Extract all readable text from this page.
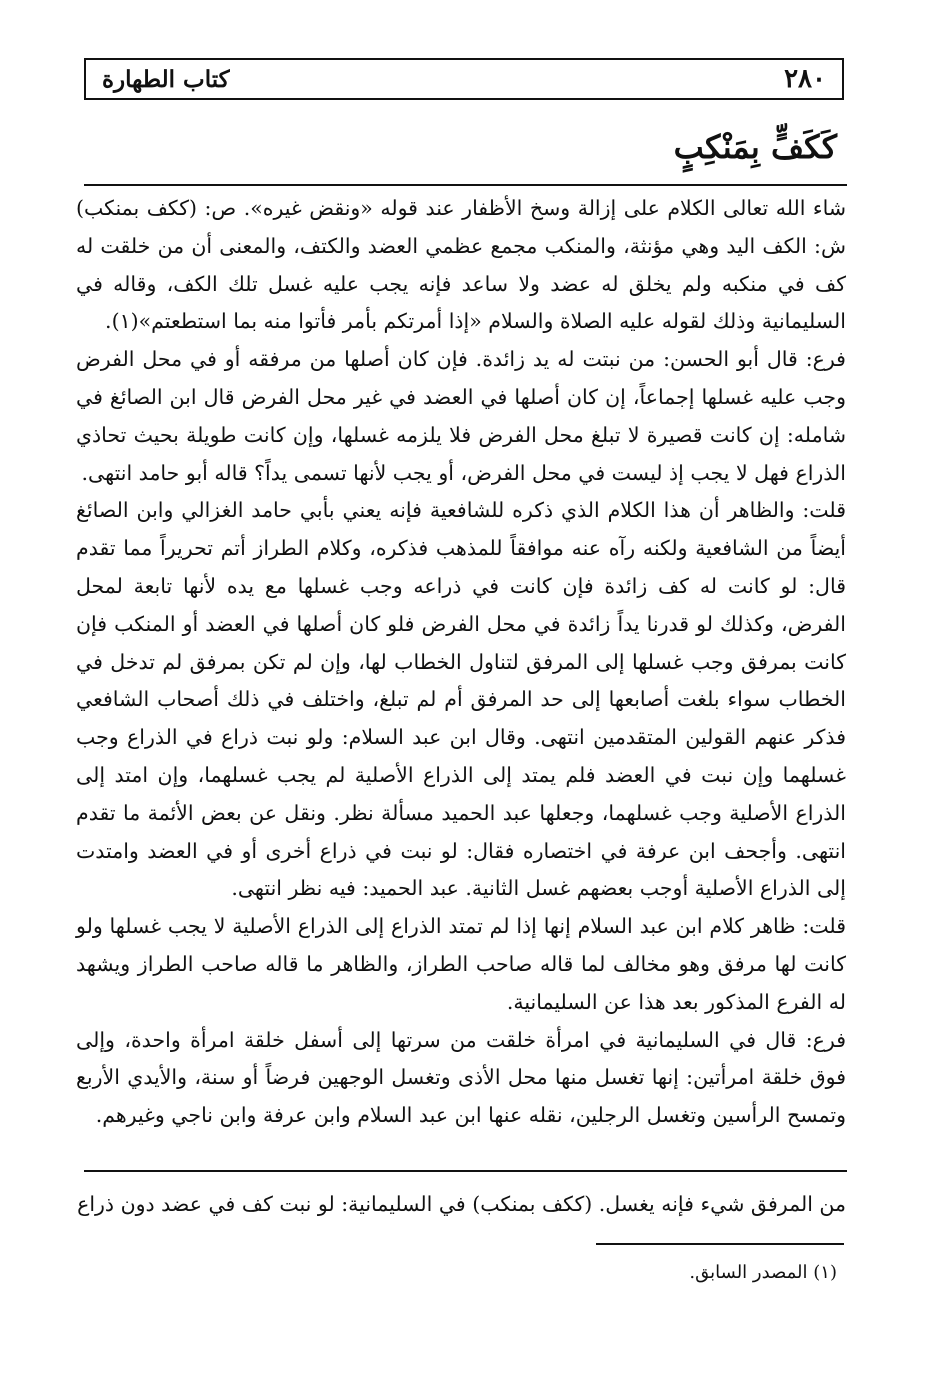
٢٨٠
كتاب الطهارة
كَكَفٍّ بِمَنْكِبٍ

شاء الله تعالى الكلام على إزالة وسخ الأظفار عند قوله «ونقض غيره». ص: (ككف بمنكب) ش: الكف اليد وهي مؤنثة، والمنكب مجمع عظمي العضد والكتف، والمعنى أن من خلقت له كف في منكبه ولم يخلق له عضد ولا ساعد فإنه يجب عليه غسل تلك الكف، وقاله في السليمانية وذلك لقوله عليه الصلاة والسلام «إذا أمرتكم بأمر فأتوا منه بما استطعتم»(١).

فرع: قال أبو الحسن: من نبتت له يد زائدة. فإن كان أصلها من مرفقه أو في محل الفرض وجب عليه غسلها إجماعاً، إن كان أصلها في العضد في غير محل الفرض قال ابن الصائغ في شامله: إن كانت قصيرة لا تبلغ محل الفرض فلا يلزمه غسلها، وإن كانت طويلة بحيث تحاذي الذراع فهل لا يجب إذ ليست في محل الفرض، أو يجب لأنها تسمى يداً؟ قاله أبو حامد انتهى.

قلت: والظاهر أن هذا الكلام الذي ذكره للشافعية فإنه يعني بأبي حامد الغزالي وابن الصائغ أيضاً من الشافعية ولكنه رآه عنه موافقاً للمذهب فذكره، وكلام الطراز أتم تحريراً مما تقدم قال: لو كانت له كف زائدة فإن كانت في ذراعه وجب غسلها مع يده لأنها تابعة لمحل الفرض، وكذلك لو قدرنا يداً زائدة في محل الفرض فلو كان أصلها في العضد أو المنكب فإن كانت بمرفق وجب غسلها إلى المرفق لتناول الخطاب لها، وإن لم تكن بمرفق لم تدخل في الخطاب سواء بلغت أصابعها إلى حد المرفق أم لم تبلغ، واختلف في ذلك أصحاب الشافعي فذكر عنهم القولين المتقدمين انتهى. وقال ابن عبد السلام: ولو نبت ذراع في الذراع وجب غسلهما وإن نبت في العضد فلم يمتد إلى الذراع الأصلية لم يجب غسلهما، وإن امتد إلى الذراع الأصلية وجب غسلهما، وجعلها عبد الحميد مسألة نظر. ونقل عن بعض الأئمة ما تقدم انتهى. وأجحف ابن عرفة في اختصاره فقال: لو نبت في ذراع أخرى أو في العضد وامتدت إلى الذراع الأصلية أوجب بعضهم غسل الثانية. عبد الحميد: فيه نظر انتهى.

قلت: ظاهر كلام ابن عبد السلام إنها إذا لم تمتد الذراع إلى الذراع الأصلية لا يجب غسلها ولو كانت لها مرفق وهو مخالف لما قاله صاحب الطراز، والظاهر ما قاله صاحب الطراز ويشهد له الفرع المذكور بعد هذا عن السليمانية.

فرع: قال في السليمانية في امرأة خلقت من سرتها إلى أسفل خلقة امرأة واحدة، وإلى فوق خلقة امرأتين: إنها تغسل منها محل الأذى وتغسل الوجهين فرضاً أو سنة، والأيدي الأربع وتمسح الرأسين وتغسل الرجلين، نقله عنها ابن عبد السلام وابن عرفة وابن ناجي وغيرهم.

من المرفق شيء فإنه يغسل. (ككف بمنكب) في السليمانية: لو نبت كف في عضد دون ذراع
(١) المصدر السابق.
